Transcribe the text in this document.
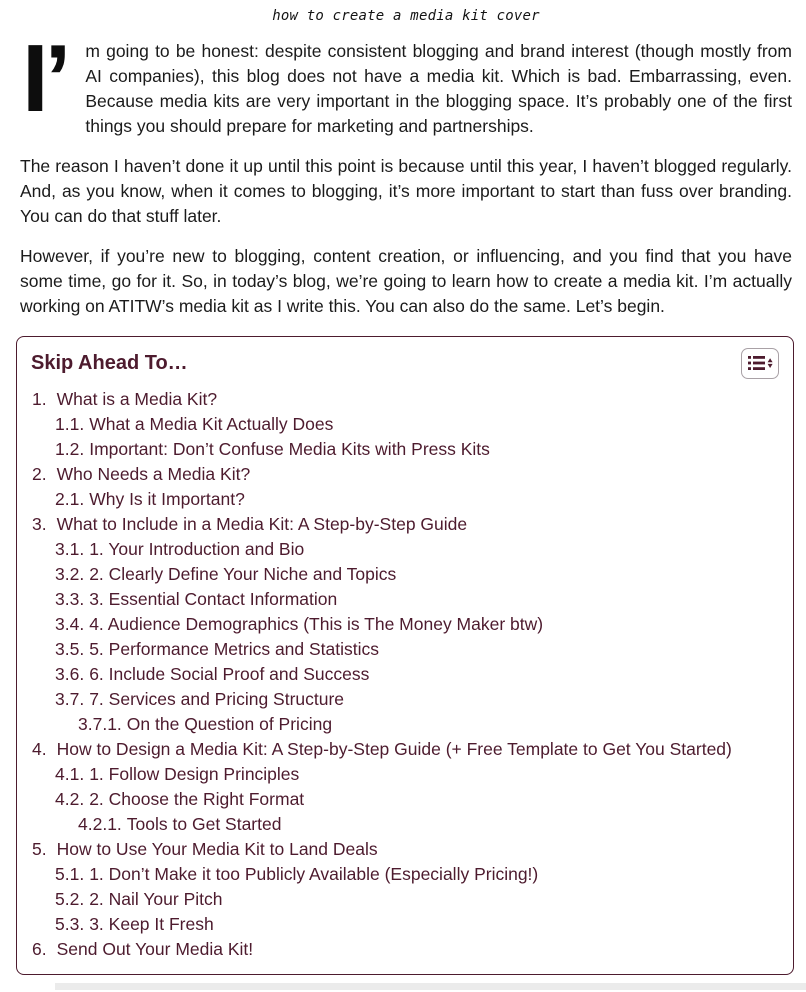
how to create a media kit cover

I’ m going to be honest: despite consistent blogging and brand interest (though mostly from AI companies), this blog does not have a media kit. Which is bad. Embarrassing, even. Because media kits are very important in the blogging space. It’s probably one of the first things you should prepare for marketing and partnerships.

The reason I haven’t done it up until this point is because until this year, I haven’t blogged regularly. And, as you know, when it comes to blogging, it’s more important to start than fuss over branding. You can do that stuff later.

However, if you’re new to blogging, content creation, or influencing, and you find that you have some time, go for it. So, in today’s blog, we’re going to learn how to create a media kit. I’m actually working on ATITW’s media kit as I write this. You can also do the same. Let’s begin.

Skip Ahead To…
1. What is a Media Kit?
1.1. What a Media Kit Actually Does
1.2. Important: Don’t Confuse Media Kits with Press Kits
2. Who Needs a Media Kit?
2.1. Why Is it Important?
3. What to Include in a Media Kit: A Step-by-Step Guide
3.1. 1. Your Introduction and Bio
3.2. 2. Clearly Define Your Niche and Topics
3.3. 3. Essential Contact Information
3.4. 4. Audience Demographics (This is The Money Maker btw)
3.5. 5. Performance Metrics and Statistics
3.6. 6. Include Social Proof and Success
3.7. 7. Services and Pricing Structure
3.7.1. On the Question of Pricing
4. How to Design a Media Kit: A Step-by-Step Guide (+ Free Template to Get You Started)
4.1. 1. Follow Design Principles
4.2. 2. Choose the Right Format
4.2.1. Tools to Get Started
5. How to Use Your Media Kit to Land Deals
5.1. 1. Don’t Make it too Publicly Available (Especially Pricing!)
5.2. 2. Nail Your Pitch
5.3. 3. Keep It Fresh
6. Send Out Your Media Kit!
